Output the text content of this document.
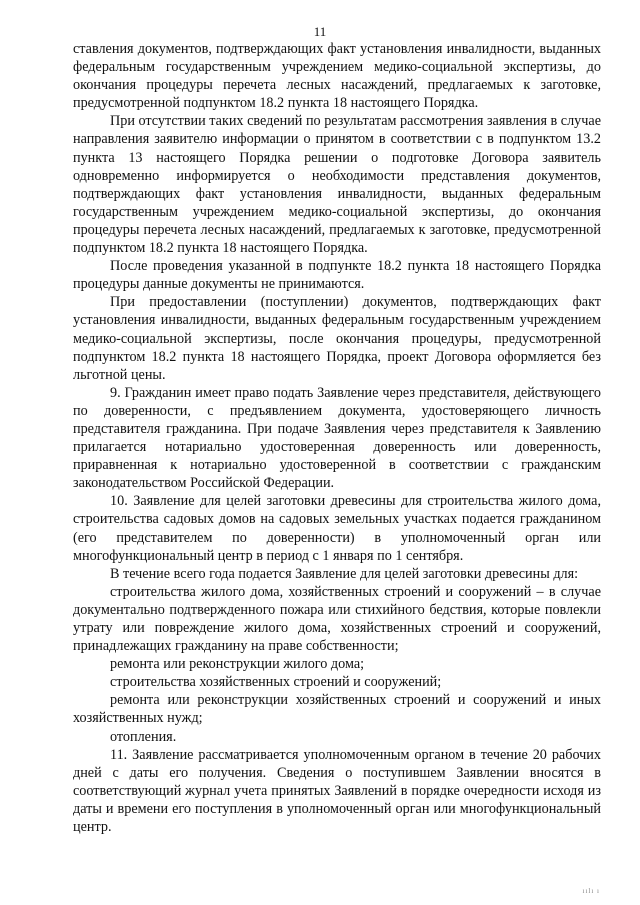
11

ставления документов, подтверждающих факт установления инвалидности, выданных федеральным государственным учреждением медико-социальной экспертизы, до окончания процедуры перечета лесных насаждений, предлагаемых к заготовке, предусмотренной подпунктом 18.2 пункта 18 настоящего Порядка.

При отсутствии таких сведений по результатам рассмотрения заявления в случае направления заявителю информации о принятом в соответствии с в подпунктом 13.2 пункта 13 настоящего Порядка решении о подготовке Договора заявитель одновременно информируется о необходимости представления документов, подтверждающих факт установления инвалидности, выданных федеральным государственным учреждением медико-социальной экспертизы, до окончания процедуры перечета лесных насаждений, предлагаемых к заготовке, предусмотренной подпунктом 18.2 пункта 18 настоящего Порядка.

После проведения указанной в подпункте 18.2 пункта 18 настоящего Порядка процедуры данные документы не принимаются.

При предоставлении (поступлении) документов, подтверждающих факт установления инвалидности, выданных федеральным государственным учреждением медико-социальной экспертизы, после окончания процедуры, предусмотренной подпунктом 18.2 пункта 18 настоящего Порядка, проект Договора оформляется без льготной цены.

9. Гражданин имеет право подать Заявление через представителя, действующего по доверенности, с предъявлением документа, удостоверяющего личность представителя гражданина. При подаче Заявления через представителя к Заявлению прилагается нотариально удостоверенная доверенность или доверенность, приравненная к нотариально удостоверенной в соответствии с гражданским законодательством Российской Федерации.

10. Заявление для целей заготовки древесины для строительства жилого дома, строительства садовых домов на садовых земельных участках подается гражданином (его представителем по доверенности) в уполномоченный орган или многофункциональный центр в период с 1 января по 1 сентября.

В течение всего года подается Заявление для целей заготовки древесины для:

строительства жилого дома, хозяйственных строений и сооружений – в случае документально подтвержденного пожара или стихийного бедствия, которые повлекли утрату или повреждение жилого дома, хозяйственных строений и сооружений, принадлежащих гражданину на праве собственности;

ремонта или реконструкции жилого дома;

строительства хозяйственных строений и сооружений;

ремонта или реконструкции хозяйственных строений и сооружений и иных хозяйственных нужд;

отопления.

11. Заявление рассматривается уполномоченным органом в течение 20 рабочих дней с даты его получения. Сведения о поступившем Заявлении вносятся в соответствующий журнал учета принятых Заявлений в порядке очередности исходя из даты и времени его поступления в уполномоченный орган или многофункциональный центр.

ıılı ı
